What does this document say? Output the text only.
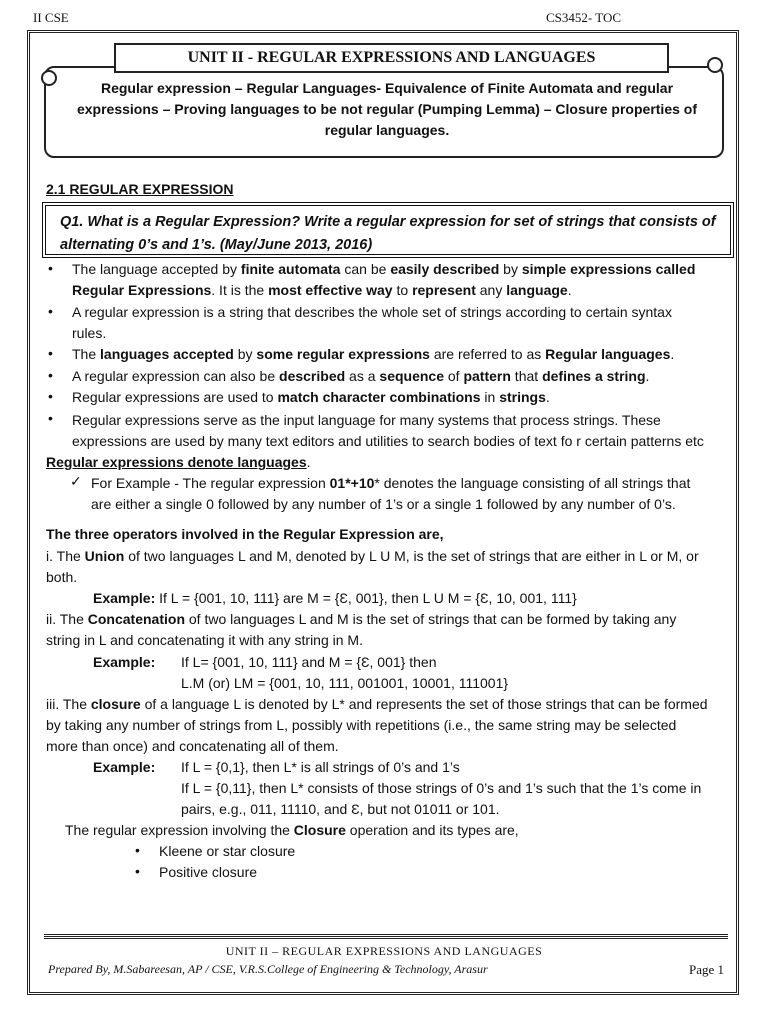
II CSE	CS3452- TOC
Regular expression – Regular Languages- Equivalence of Finite Automata and regular expressions – Proving languages to be not regular (Pumping Lemma) – Closure properties of regular languages.
UNIT II - REGULAR EXPRESSIONS AND LANGUAGES
2.1 REGULAR EXPRESSION
Q1. What is a Regular Expression? Write a regular expression for set of strings that consists of
alternating 0’s and 1’s. (May/June 2013, 2016)
• The language accepted by finite automata can be easily described by simple expressions called
Regular Expressions. It is the most effective way to represent any language.
• A regular expression is a string that describes the whole set of strings according to certain syntax
rules.
• The languages accepted by some regular expressions are referred to as Regular languages.
• A regular expression can also be described as a sequence of pattern that defines a string.
• Regular expressions are used to match character combinations in strings.
• Regular expressions serve as the input language for many systems that process strings. These
expressions are used by many text editors and utilities to search bodies of text fo r certain patterns etc
Regular expressions denote languages.
✓ For Example - The regular expression 01*+10* denotes the language consisting of all strings that
are either a single 0 followed by any number of 1’s or a single 1 followed by any number of 0’s.
The three operators involved in the Regular Expression are,
i. The Union of two languages L and M, denoted by L U M, is the set of strings that are either in L or M, or
both.
Example: If L = {001, 10, 111} are M = {Ɛ, 001}, then L U M = {Ɛ, 10, 001, 111}
ii. The Concatenation of two languages L and M is the set of strings that can be formed by taking any
string in L and concatenating it with any string in M.
Example: If L= {001, 10, 111} and M = {Ɛ, 001} then
L.M (or) LM = {001, 10, 111, 001001, 10001, 111001}
iii. The closure of a language L is denoted by L* and represents the set of those strings that can be formed
by taking any number of strings from L, possibly with repetitions (i.e., the same string may be selected
more than once) and concatenating all of them.
Example: If L = {0,1}, then L* is all strings of 0’s and 1’s
If L = {0,11}, then L* consists of those strings of 0’s and 1’s such that the 1’s come in
pairs, e.g., 011, 11110, and Ɛ, but not 01011 or 101.
The regular expression involving the Closure operation and its types are,
• Kleene or star closure
• Positive closure
UNIT II – REGULAR EXPRESSIONS AND LANGUAGES
Prepared By, M.Sabareesan, AP / CSE, V.R.S.College of Engineering & Technology, Arasur	Page 1
